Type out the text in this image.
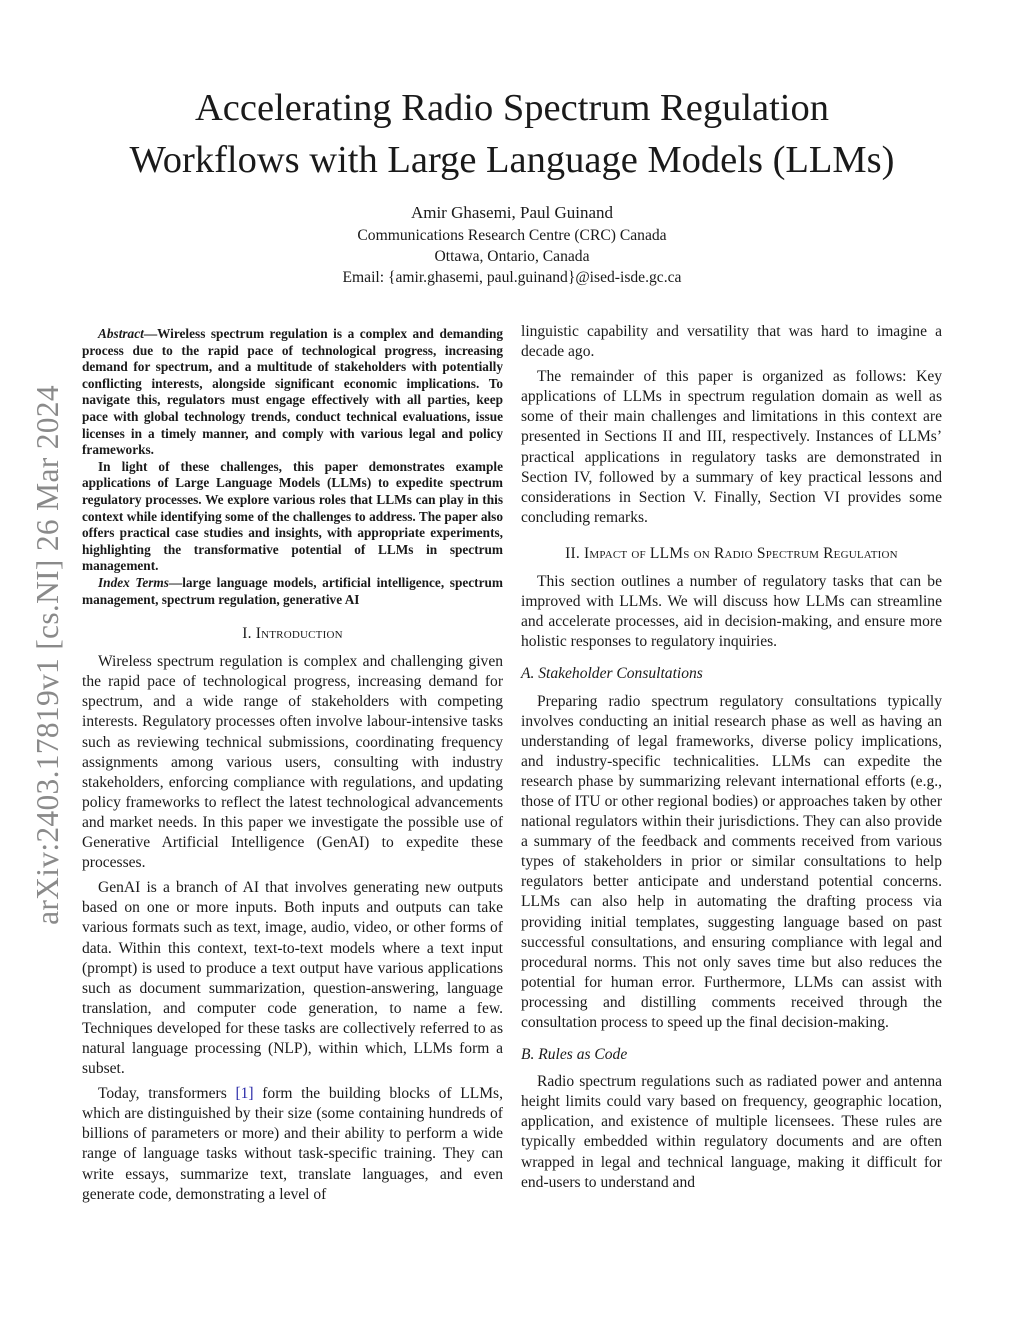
arXiv:2403.17819v1 [cs.NI] 26 Mar 2024
Accelerating Radio Spectrum Regulation
Workflows with Large Language Models (LLMs)
Amir Ghasemi, Paul Guinand
Communications Research Centre (CRC) Canada
Ottawa, Ontario, Canada
Email: {amir.ghasemi, paul.guinand}@ised-isde.gc.ca

Abstract—Wireless spectrum regulation is a complex and demanding process due to the rapid pace of technological progress, increasing demand for spectrum, and a multitude of stakeholders with potentially conflicting interests, alongside significant economic implications. To navigate this, regulators must engage effectively with all parties, keep pace with global technology trends, conduct technical evaluations, issue licenses in a timely manner, and comply with various legal and policy frameworks.

In light of these challenges, this paper demonstrates example applications of Large Language Models (LLMs) to expedite spectrum regulatory processes. We explore various roles that LLMs can play in this context while identifying some of the challenges to address. The paper also offers practical case studies and insights, with appropriate experiments, highlighting the transformative potential of LLMs in spectrum management.

Index Terms—large language models, artificial intelligence, spectrum management, spectrum regulation, generative AI

I. Introduction

Wireless spectrum regulation is complex and challenging given the rapid pace of technological progress, increasing demand for spectrum, and a wide range of stakeholders with competing interests. Regulatory processes often involve labour-intensive tasks such as reviewing technical submissions, coordinating frequency assignments among various users, consulting with industry stakeholders, enforcing compliance with regulations, and updating policy frameworks to reflect the latest technological advancements and market needs. In this paper we investigate the possible use of Generative Artificial Intelligence (GenAI) to expedite these processes.

GenAI is a branch of AI that involves generating new outputs based on one or more inputs. Both inputs and outputs can take various formats such as text, image, audio, video, or other forms of data. Within this context, text-to-text models where a text input (prompt) is used to produce a text output have various applications such as document summarization, question-answering, language translation, and computer code generation, to name a few. Techniques developed for these tasks are collectively referred to as natural language processing (NLP), within which, LLMs form a subset.

Today, transformers [1] form the building blocks of LLMs, which are distinguished by their size (some containing hundreds of billions of parameters or more) and their ability to perform a wide range of language tasks without task-specific training. They can write essays, summarize text, translate languages, and even generate code, demonstrating a level of

linguistic capability and versatility that was hard to imagine a decade ago.

The remainder of this paper is organized as follows: Key applications of LLMs in spectrum regulation domain as well as some of their main challenges and limitations in this context are presented in Sections II and III, respectively. Instances of LLMs’ practical applications in regulatory tasks are demonstrated in Section IV, followed by a summary of key practical lessons and considerations in Section V. Finally, Section VI provides some concluding remarks.

II. Impact of LLMs on Radio Spectrum Regulation

This section outlines a number of regulatory tasks that can be improved with LLMs. We will discuss how LLMs can streamline and accelerate processes, aid in decision-making, and ensure more holistic responses to regulatory inquiries.

A. Stakeholder Consultations

Preparing radio spectrum regulatory consultations typically involves conducting an initial research phase as well as having an understanding of legal frameworks, diverse policy implications, and industry-specific technicalities. LLMs can expedite the research phase by summarizing relevant international efforts (e.g., those of ITU or other regional bodies) or approaches taken by other national regulators within their jurisdictions. They can also provide a summary of the feedback and comments received from various types of stakeholders in prior or similar consultations to help regulators better anticipate and understand potential concerns. LLMs can also help in automating the drafting process via providing initial templates, suggesting language based on past successful consultations, and ensuring compliance with legal and procedural norms. This not only saves time but also reduces the potential for human error. Furthermore, LLMs can assist with processing and distilling comments received through the consultation process to speed up the final decision-making.

B. Rules as Code

Radio spectrum regulations such as radiated power and antenna height limits could vary based on frequency, geographic location, application, and existence of multiple licensees. These rules are typically embedded within regulatory documents and are often wrapped in legal and technical language, making it difficult for end-users to understand and
